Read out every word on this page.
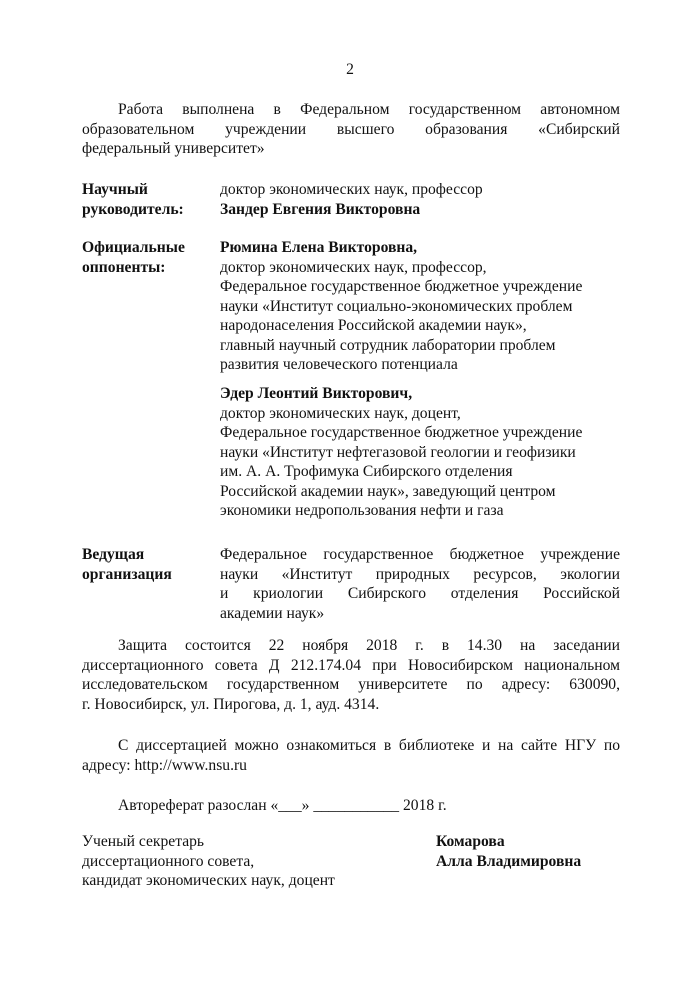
2
Работа выполнена в Федеральном государственном автономном
образовательном учреждении высшего образования «Сибирский
федеральный университет»
Научный
руководитель:
доктор экономических наук, профессор
Зандер Евгения Викторовна
Официальные
оппоненты:
Рюмина Елена Викторовна,
доктор экономических наук, профессор,
Федеральное государственное бюджетное учреждение
науки «Институт социально-экономических проблем
народонаселения Российской академии наук»,
главный научный сотрудник лаборатории проблем
развития человеческого потенциала
Эдер Леонтий Викторович,
доктор экономических наук, доцент,
Федеральное государственное бюджетное учреждение
науки «Институт нефтегазовой геологии и геофизики
им. А. А. Трофимука Сибирского отделения
Российской академии наук», заведующий центром
экономики недропользования нефти и газа
Ведущая
организация
Федеральное государственное бюджетное учреждение
науки «Институт природных ресурсов, экологии
и криологии Сибирского отделения Российской
академии наук»
Защита состоится 22 ноября 2018 г. в 14.30 на заседании
диссертационного совета Д 212.174.04 при Новосибирском национальном
исследовательском государственном университете по адресу: 630090,
г. Новосибирск, ул. Пирогова, д. 1, ауд. 4314.
С диссертацией можно ознакомиться в библиотеке и на сайте НГУ по
адресу: http://www.nsu.ru
Автореферат разослан «___» ___________ 2018 г.
Ученый секретарь
диссертационного совета,
кандидат экономических наук, доцент
Комарова
Алла Владимировна
